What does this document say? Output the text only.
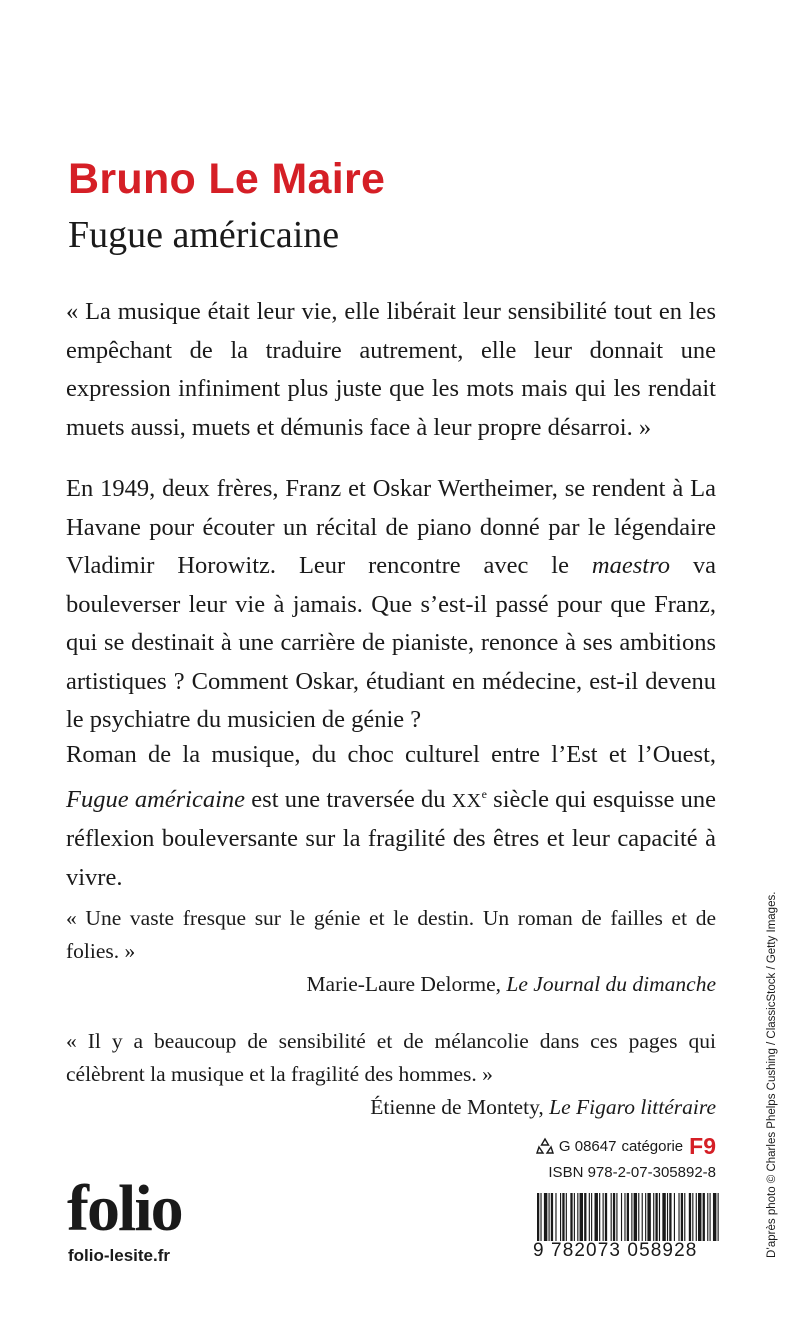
Bruno Le Maire
Fugue américaine

« La musique était leur vie, elle libérait leur sensibilité tout en les empêchant de la traduire autrement, elle leur donnait une expression infiniment plus juste que les mots mais qui les rendait muets aussi, muets et démunis face à leur propre désarroi. »

En 1949, deux frères, Franz et Oskar Wertheimer, se rendent à La Havane pour écouter un récital de piano donné par le légendaire Vladimir Horowitz. Leur rencontre avec le maestro va bouleverser leur vie à jamais. Que s’est-il passé pour que Franz, qui se destinait à une carrière de pianiste, renonce à ses ambitions artistiques ? Comment Oskar, étudiant en médecine, est-il devenu le psychiatre du musicien de génie ?

Roman de la musique, du choc culturel entre l’Est et l’Ouest, Fugue américaine est une traversée du XXe siècle qui esquisse une réflexion bouleversante sur la fragilité des êtres et leur capacité à vivre.

« Une vaste fresque sur le génie et le destin. Un roman de failles et de folies. »

Marie-Laure Delorme, Le Journal du dimanche

« Il y a beaucoup de sensibilité et de mélancolie dans ces pages qui célèbrent la musique et la fragilité des hommes. »

Étienne de Montety, Le Figaro littéraire

G 08647 catégorie F9
ISBN 978-2-07-305892-8
folio
folio-lesite.fr	9 782073 058928	D’après photo © Charles Phelps Cushing / ClassicStock / Getty Images.
